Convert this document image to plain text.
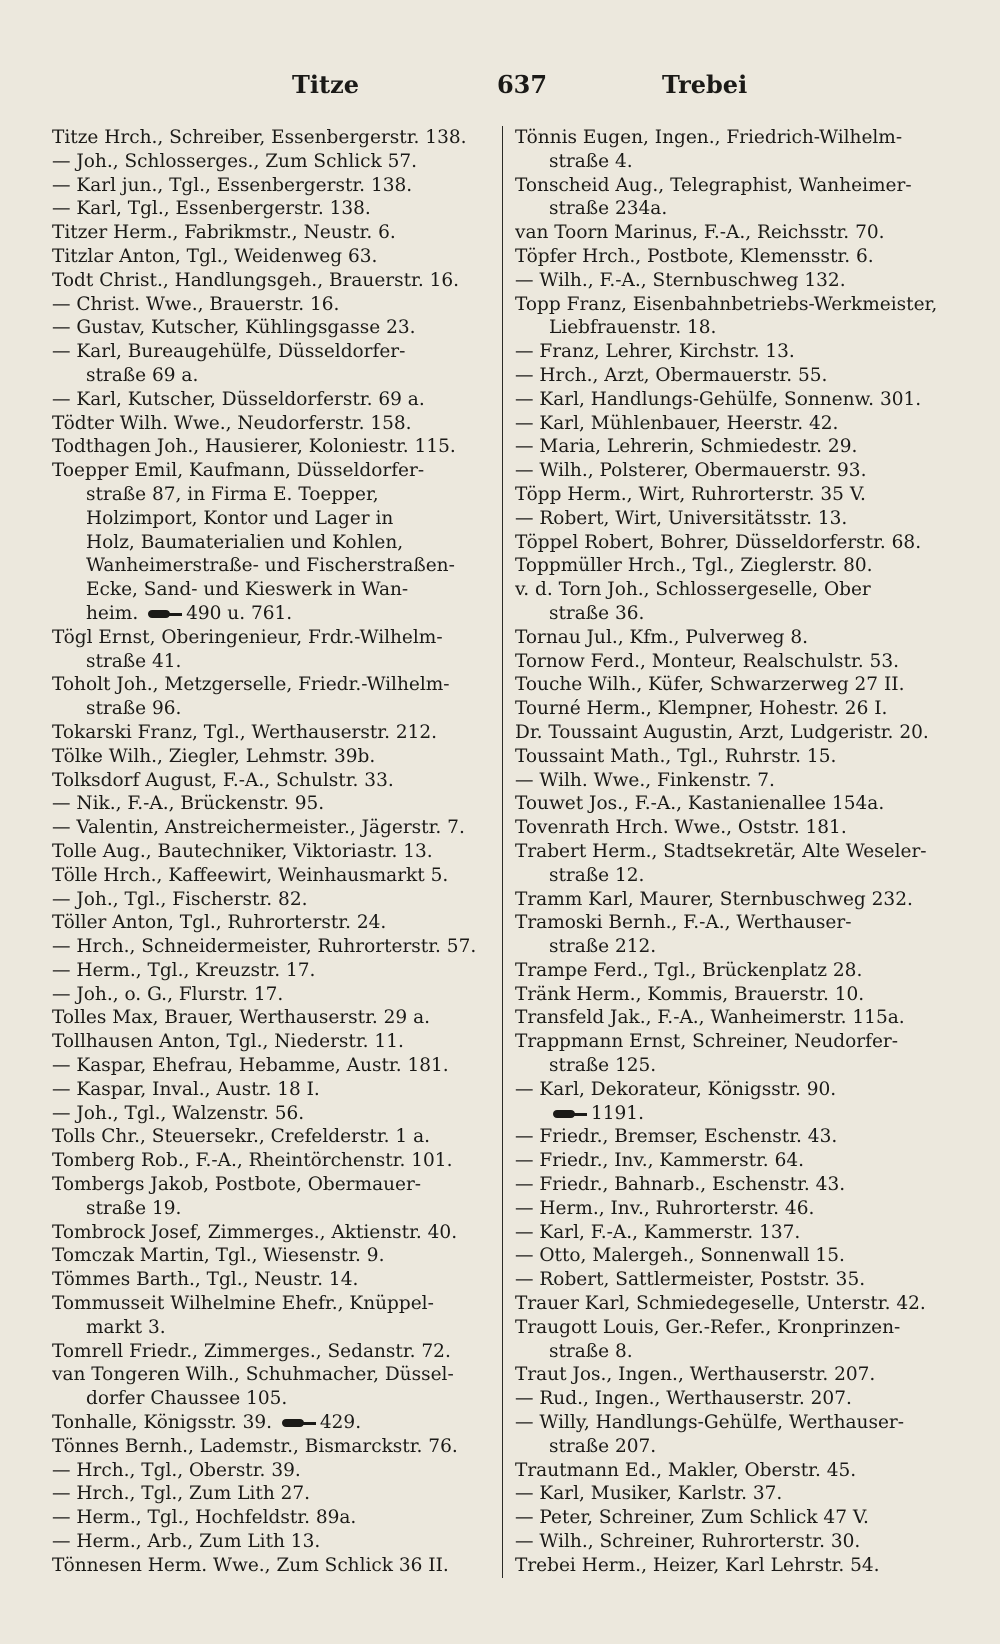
Titze	637	Trebei

Titze Hrch., Schreiber, Essenbergerstr. 138.

— Joh., Schlosserges., Zum Schlick 57.

— Karl jun., Tgl., Essenbergerstr. 138.

— Karl, Tgl., Essenbergerstr. 138.

Titzer Herm., Fabrikmstr., Neustr. 6.

Titzlar Anton, Tgl., Weidenweg 63.

Todt Christ., Handlungsgeh., Brauerstr. 16.

— Christ. Wwe., Brauerstr. 16.

— Gustav, Kutscher, Kühlingsgasse 23.

— Karl, Bureaugehülfe, Düsseldorfer-
straße 69 a.

— Karl, Kutscher, Düsseldorferstr. 69 a.

Tödter Wilh. Wwe., Neudorferstr. 158.

Todthagen Joh., Hausierer, Koloniestr. 115.

Toepper Emil, Kaufmann, Düsseldorfer-
straße 87, in Firma E. Toepper,
Holzimport, Kontor und Lager in
Holz, Baumaterialien und Kohlen,
Wanheimerstraße- und Fischerstraßen-
Ecke, Sand- und Kieswerk in Wan-

heim.	490 u. 761.

Tögl Ernst, Oberingenieur, Frdr.-Wilhelm-
straße 41.

Toholt Joh., Metzgerselle, Friedr.-Wilhelm-
straße 96.

Tokarski Franz, Tgl., Werthauserstr. 212.

Tölke Wilh., Ziegler, Lehmstr. 39b.

Tolksdorf August, F.-A., Schulstr. 33.

— Nik., F.-A., Brückenstr. 95.

— Valentin, Anstreichermeister., Jägerstr. 7.

Tolle Aug., Bautechniker, Viktoriastr. 13.

Tölle Hrch., Kaffeewirt, Weinhausmarkt 5.

— Joh., Tgl., Fischerstr. 82.

Töller Anton, Tgl., Ruhrorterstr. 24.

— Hrch., Schneidermeister, Ruhrorterstr. 57.

— Herm., Tgl., Kreuzstr. 17.

— Joh., o. G., Flurstr. 17.

Tolles Max, Brauer, Werthauserstr. 29 a.

Tollhausen Anton, Tgl., Niederstr. 11.

— Kaspar, Ehefrau, Hebamme, Austr. 181.

— Kaspar, Inval., Austr. 18 I.

— Joh., Tgl., Walzenstr. 56.

Tolls Chr., Steuersekr., Crefelderstr. 1 a.

Tomberg Rob., F.-A., Rheintörchenstr. 101.

Tombergs Jakob, Postbote, Obermauer-
straße 19.

Tombrock Josef, Zimmerges., Aktienstr. 40.

Tomczak Martin, Tgl., Wiesenstr. 9.

Tömmes Barth., Tgl., Neustr. 14.

Tommusseit Wilhelmine Ehefr., Knüppel-
markt 3.

Tomrell Friedr., Zimmerges., Sedanstr. 72.

van Tongeren Wilh., Schuhmacher, Düssel-
dorfer Chaussee 105.

Tonhalle, Königsstr. 39.	429.

Tönnes Bernh., Lademstr., Bismarckstr. 76.

— Hrch., Tgl., Oberstr. 39.

— Hrch., Tgl., Zum Lith 27.

— Herm., Tgl., Hochfeldstr. 89a.

— Herm., Arb., Zum Lith 13.

Tönnesen Herm. Wwe., Zum Schlick 36 II.

Tönnis Eugen, Ingen., Friedrich-Wilhelm-
straße 4.

Tonscheid Aug., Telegraphist, Wanheimer-
straße 234a.

van Toorn Marinus, F.-A., Reichsstr. 70.

Töpfer Hrch., Postbote, Klemensstr. 6.

— Wilh., F.-A., Sternbuschweg 132.

Topp Franz, Eisenbahnbetriebs-Werkmeister,
Liebfrauenstr. 18.

— Franz, Lehrer, Kirchstr. 13.

— Hrch., Arzt, Obermauerstr. 55.

— Karl, Handlungs-Gehülfe, Sonnenw. 301.

— Karl, Mühlenbauer, Heerstr. 42.

— Maria, Lehrerin, Schmiedestr. 29.

— Wilh., Polsterer, Obermauerstr. 93.

Töpp Herm., Wirt, Ruhrorterstr. 35 V.

— Robert, Wirt, Universitätsstr. 13.

Töppel Robert, Bohrer, Düsseldorferstr. 68.

Toppmüller Hrch., Tgl., Zieglerstr. 80.

v. d. Torn Joh., Schlossergeselle, Ober
straße 36.

Tornau Jul., Kfm., Pulverweg 8.

Tornow Ferd., Monteur, Realschulstr. 53.

Touche Wilh., Küfer, Schwarzerweg 27 II.

Tourné Herm., Klempner, Hohestr. 26 I.

Dr. Toussaint Augustin, Arzt, Ludgeristr. 20.

Toussaint Math., Tgl., Ruhrstr. 15.

— Wilh. Wwe., Finkenstr. 7.

Touwet Jos., F.-A., Kastanienallee 154a.

Tovenrath Hrch. Wwe., Oststr. 181.

Trabert Herm., Stadtsekretär, Alte Weseler-
straße 12.

Tramm Karl, Maurer, Sternbuschweg 232.

Tramoski Bernh., F.-A., Werthauser-
straße 212.

Trampe Ferd., Tgl., Brückenplatz 28.

Tränk Herm., Kommis, Brauerstr. 10.

Transfeld Jak., F.-A., Wanheimerstr. 115a.

Trappmann Ernst, Schreiner, Neudorfer-
straße 125.

— Karl, Dekorateur, Königsstr. 90.

1191.

— Friedr., Bremser, Eschenstr. 43.

— Friedr., Inv., Kammerstr. 64.

— Friedr., Bahnarb., Eschenstr. 43.

— Herm., Inv., Ruhrorterstr. 46.

— Karl, F.-A., Kammerstr. 137.

— Otto, Malergeh., Sonnenwall 15.

— Robert, Sattlermeister, Poststr. 35.

Trauer Karl, Schmiedegeselle, Unterstr. 42.

Traugott Louis, Ger.-Refer., Kronprinzen-
straße 8.

Traut Jos., Ingen., Werthauserstr. 207.

— Rud., Ingen., Werthauserstr. 207.

— Willy, Handlungs-Gehülfe, Werthauser-
straße 207.

Trautmann Ed., Makler, Oberstr. 45.

— Karl, Musiker, Karlstr. 37.

— Peter, Schreiner, Zum Schlick 47 V.

— Wilh., Schreiner, Ruhrorterstr. 30.

Trebei Herm., Heizer, Karl Lehrstr. 54.
